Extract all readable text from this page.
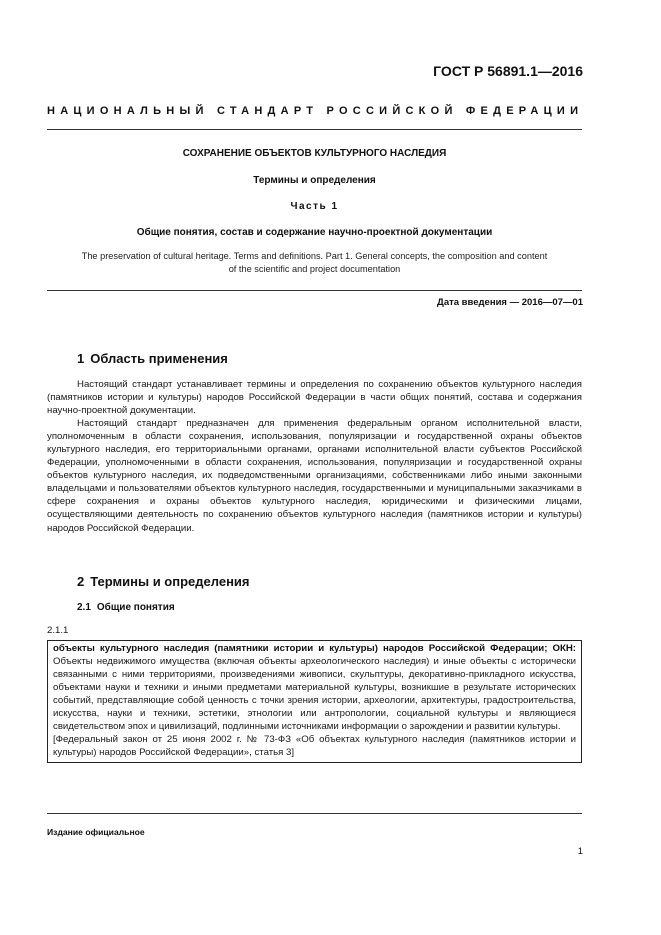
ГОСТ Р 56891.1—2016
НАЦИОНАЛЬНЫЙ СТАНДАРТ РОССИЙСКОЙ ФЕДЕРАЦИИ
СОХРАНЕНИЕ ОБЪЕКТОВ КУЛЬТУРНОГО НАСЛЕДИЯ
Термины и определения
Часть 1
Общие понятия, состав и содержание научно-проектной документации
The preservation of cultural heritage. Terms and definitions. Part 1. General concepts, the composition and content
of the scientific and project documentation
Дата введения — 2016—07—01
1 Область применения

Настоящий стандарт устанавливает термины и определения по сохранению объектов культурного наследия (памятников истории и культуры) народов Российской Федерации в части общих понятий, состава и содержания научно-проектной документации.

Настоящий стандарт предназначен для применения федеральным органом исполнительной власти, уполномоченным в области сохранения, использования, популяризации и государственной охраны объектов культурного наследия, его территориальными органами, органами исполнительной власти субъектов Российской Федерации, уполномоченными в области сохранения, использования, популяризации и государственной охраны объектов культурного наследия, их подведомственными организациями, собственниками либо иными законными владельцами и пользователями объектов культурного наследия, государственными и муниципальными заказчиками в сфере сохранения и охраны объектов культурного наследия, юридическими и физическими лицами, осуществляющими деятельность по сохранению объектов культурного наследия (памятников истории и культуры) народов Российской Федерации.

2 Термины и определения
2.1 Общие понятия
2.1.1
объекты культурного наследия (памятники истории и культуры) народов Российской Федерации; ОКН: Объекты недвижимого имущества (включая объекты археологического наследия) и иные объекты с исторически связанными с ними территориями, произведениями живописи, скульптуры, декоративно-прикладного искусства, объектами науки и техники и иными предметами материальной культуры, возникшие в результате исторических событий, представляющие собой ценность с точки зрения истории, археологии, архитектуры, градостроительства, искусства, науки и техники, эстетики, этнологии или антропологии, социальной культуры и являющиеся свидетельством эпох и цивилизаций, подлинными источниками информации о зарождении и развитии культуры.
[Федеральный закон от 25 июня 2002 г. № 73-ФЗ «Об объектах культурного наследия (памятников истории и культуры) народов Российской Федерации», статья 3]
Издание официальное
1
